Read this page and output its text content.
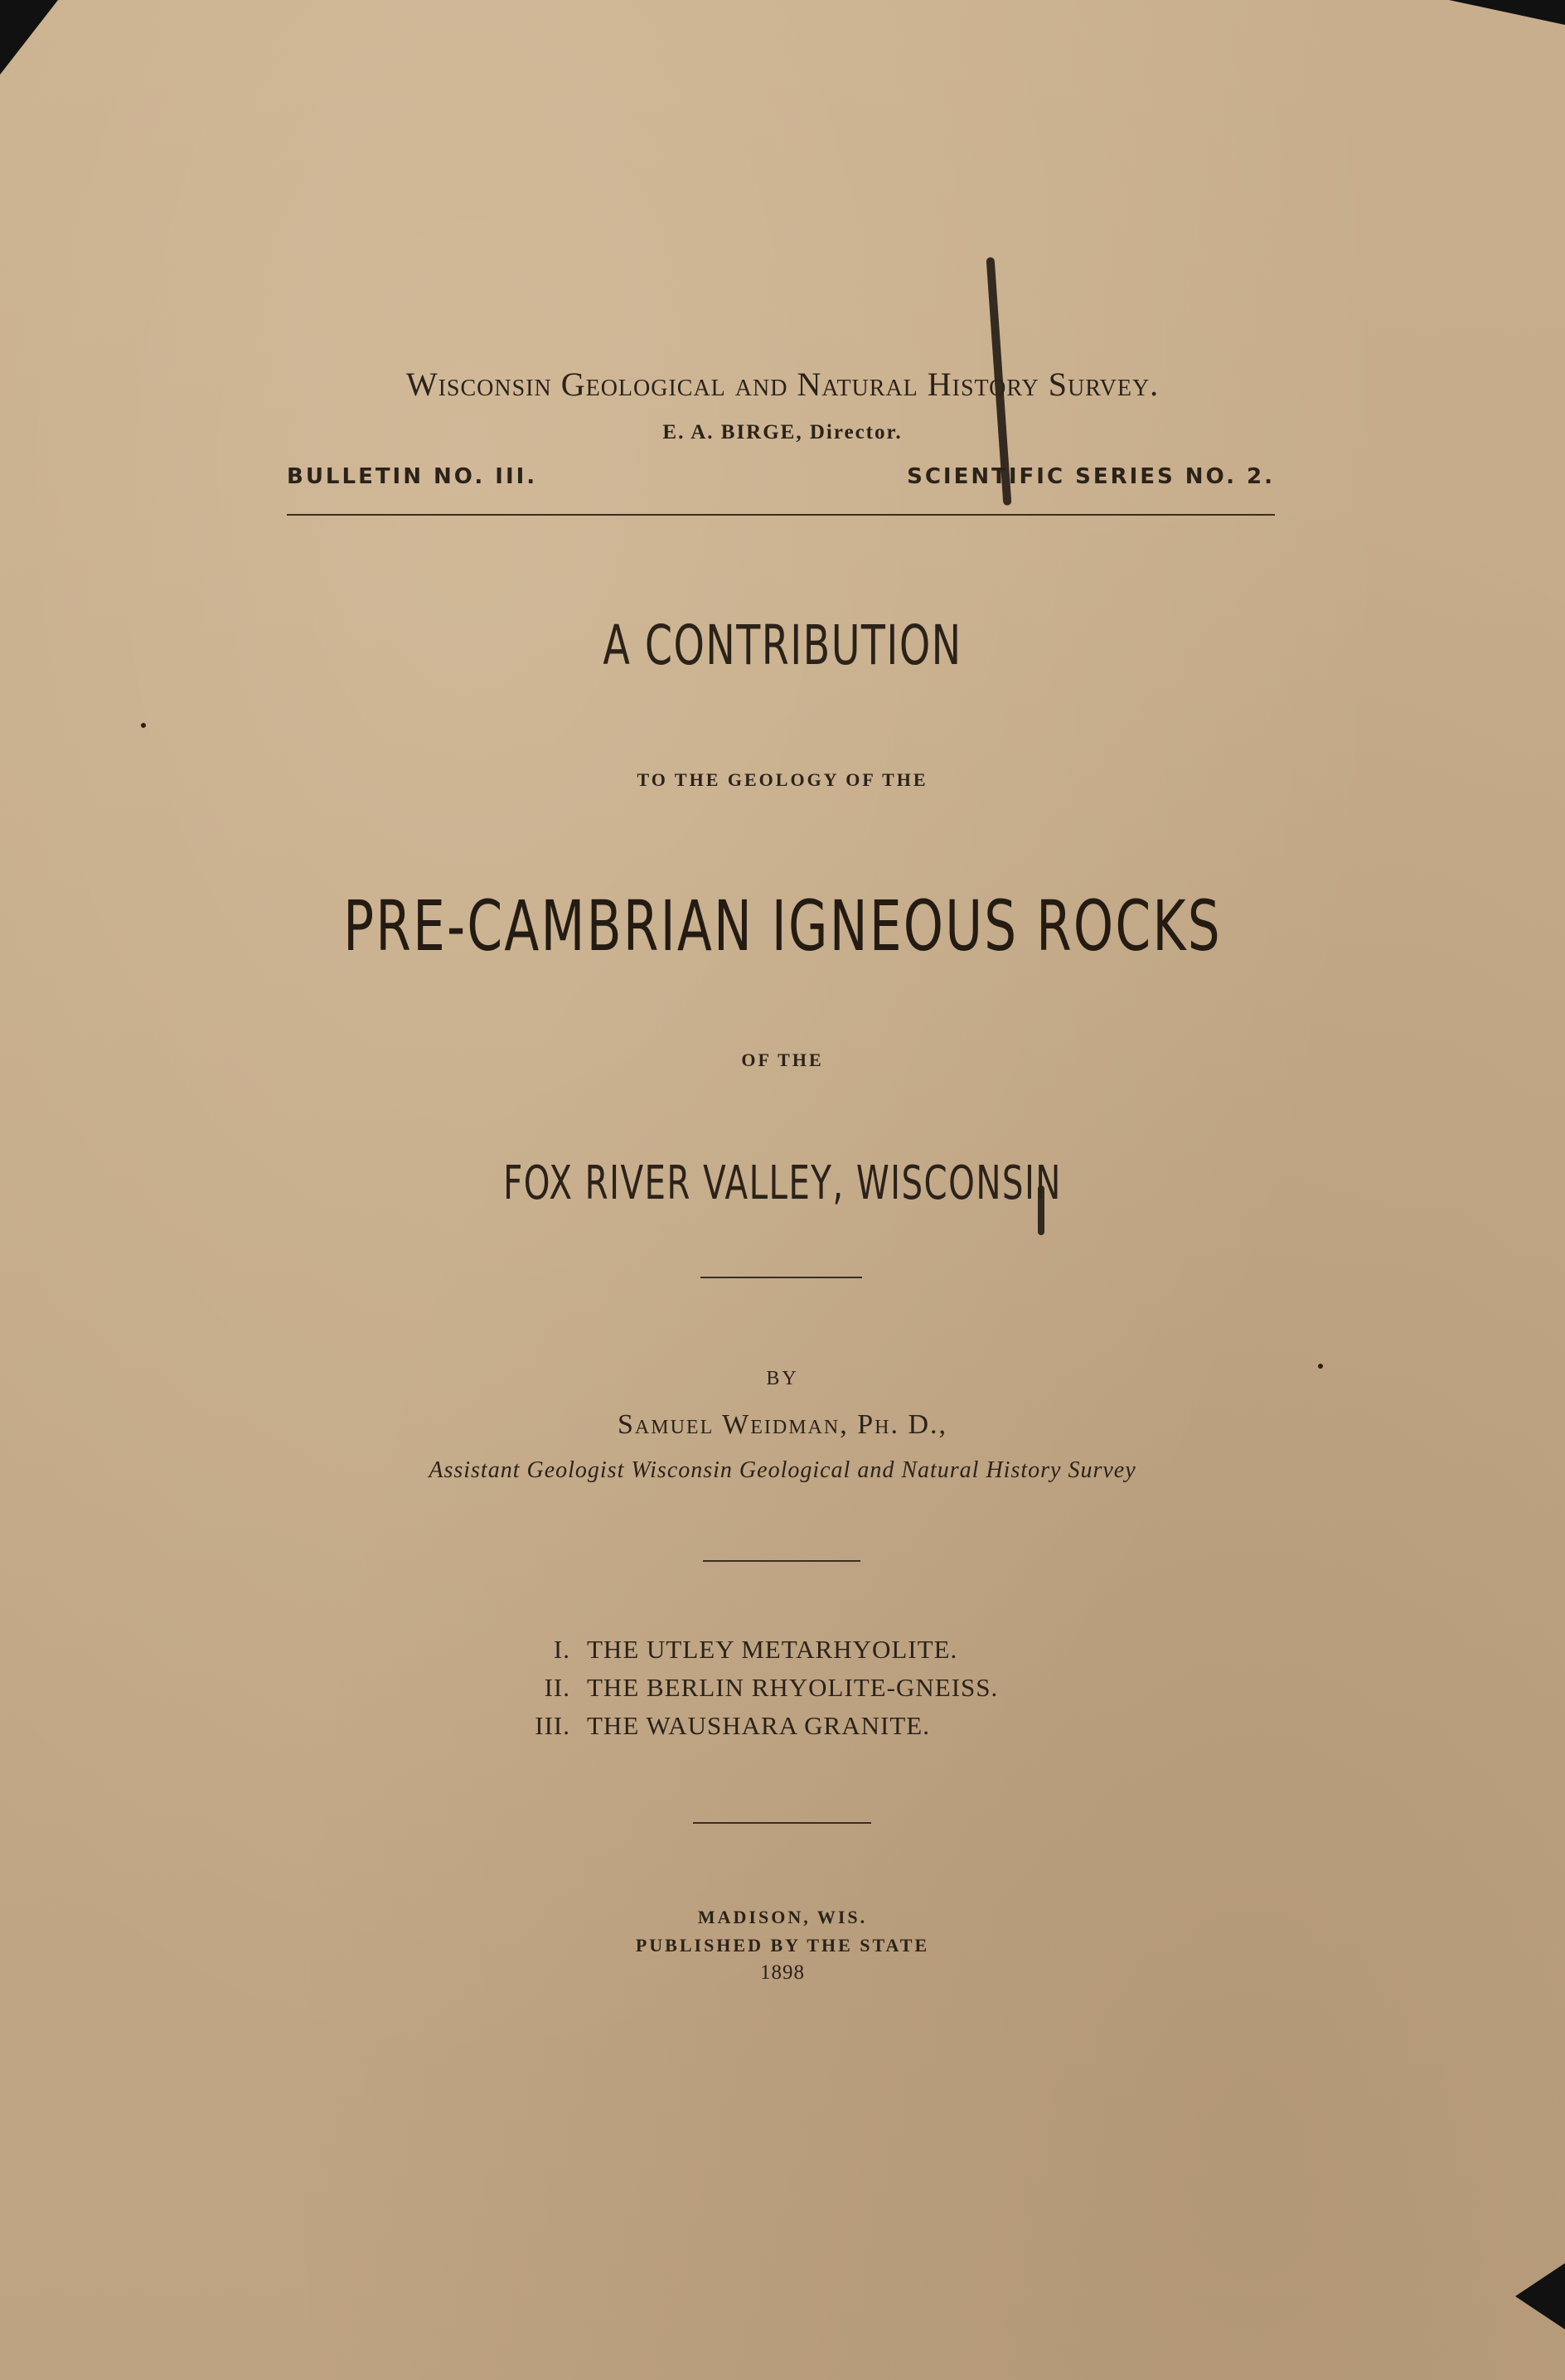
Wisconsin Geological and Natural History Survey.

E. A. BIRGE, Director.

BULLETIN NO. III.	SCIENTIFIC SERIES NO. 2.

A CONTRIBUTION

TO THE GEOLOGY OF THE

PRE-CAMBRIAN IGNEOUS ROCKS

OF THE

FOX RIVER VALLEY, WISCONSIN

BY

Samuel Weidman, Ph. D.,

Assistant Geologist Wisconsin Geological and Natural History Survey

I. THE UTLEY METARHYOLITE.
II. THE BERLIN RHYOLITE-GNEISS.
III. THE WAUSHARA GRANITE.

MADISON, WIS.

PUBLISHED BY THE STATE

1898
